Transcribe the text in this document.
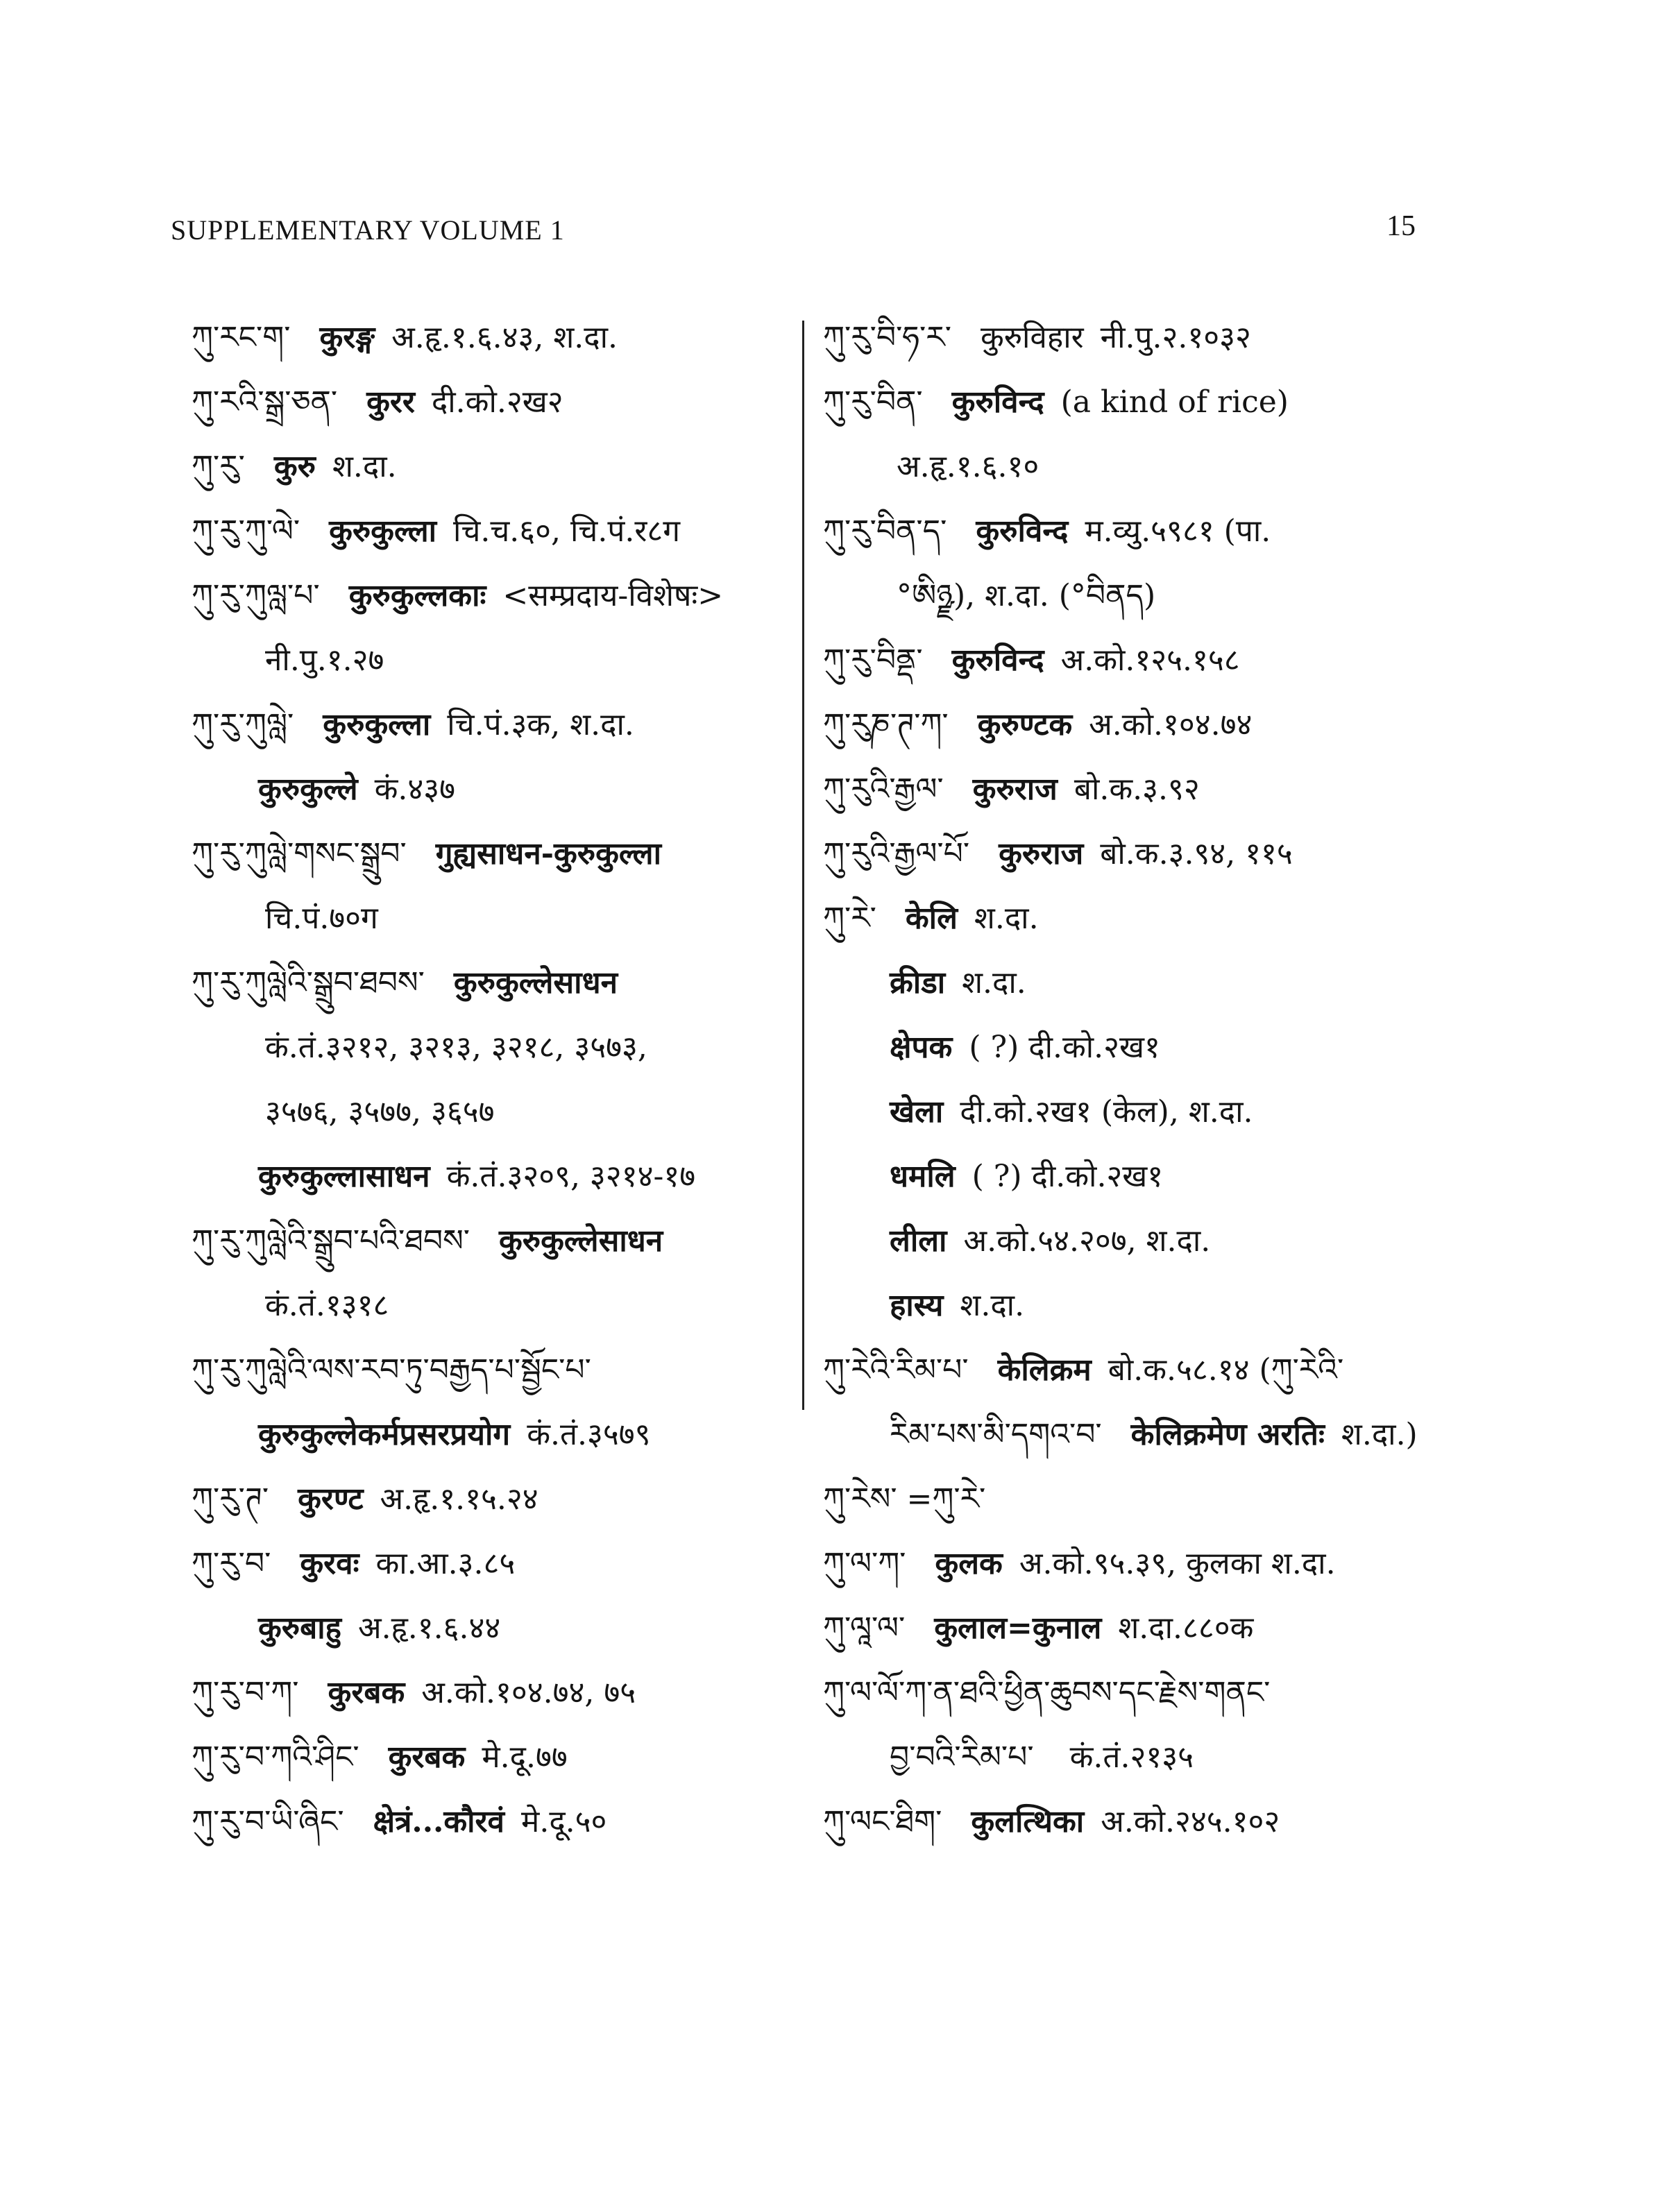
SUPPLEMENTARY VOLUME 1	15
ཀུ་རང་ག་ कुरङ्ग अ.हृ.१.६.४३, श.दा.
ཀུ་རའི་སྒྲ་ཅན་ कुरर दी.को.२ख२
ཀུ་རུ་ कुरु श.दा.
ཀུ་རུ་ཀུ་ལེ་ कुरुकुल्ला चि.च.६०, चि.पं.र८ग
ཀུ་རུ་ཀུལླ་པ་ कुरुकुल्लकाः <सम्प्रदाय-विशेषः>
नी.पु.१.२७
ཀུ་རུ་ཀུལླེ་ कुरुकुल्ला चि.पं.३क, श.दा.
कुरुकुल्ले कं.४३७
ཀུ་རུ་ཀུལླེ་གསང་སྒྲུབ་ गुह्यसाधन-कुरुकुल्ला
चि.पं.७०ग
ཀུ་རུ་ཀུལླེའི་སྒྲུབ་ཐབས་ कुरुकुल्लेसाधन
कं.तं.३२१२, ३२१३, ३२१८, ३५७३,
३५७६, ३५७७, ३६५७
कुरुकुल्लासाधन कं.तं.३२०९, ३२१४-१७
ཀུ་རུ་ཀུལླེའི་སྒྲུབ་པའི་ཐབས་ कुरुकुल्लेसाधन
कं.तं.१३१८
ཀུ་རུ་ཀུལླེའི་ལས་རབ་ཏུ་བརྒྱད་པ་སྦྱོང་པ་
कुरुकुल्लेकर्मप्रसरप्रयोग कं.तं.३५७९
ཀུ་རུ་ཊ་ कुरण्ट अ.हृ.१.१५.२४
ཀུ་རུ་བ་ कुरवः का.आ.३.८५
कुरुबाहु अ.हृ.१.६.४४
ཀུ་རུ་བ་ཀ་ कुरबक अ.को.१०४.७४, ७५
ཀུ་རུ་བ་ཀའི་ཤིང་ कुरबक मे.दू.७७
ཀུ་རུ་བ་ཡི་ཞིང་ क्षेत्रं...कौरवं मे.दू.५०
ཀུ་རུ་བི་ཧ་ར་ कुरुविहार नी.पु.२.१०३२
ཀུ་རུ་བིན་ कुरुविन्द (a kind of rice)
अ.हृ.१.६.१०
ཀུ་རུ་བིན་ད་ कुरुविन्द म.व्यु.५९८१ (पा.
°ཨིཉྫ), श.दा. (°བིནད)
ཀུ་རུ་བིནྡ་ कुरुविन्द अ.को.१२५.१५८
ཀུ་རུཎ་ཊ་ཀ་ कुरुण्टक अ.को.१०४.७४
ཀུ་རུའི་རྒྱལ་ कुरुराज बो.क.३.९२
ཀུ་རུའི་རྒྱལ་པོ་ कुरुराज बो.क.३.९४, ११५
ཀུ་རེ་ केलि श.दा.
क्रीडा श.दा.
क्षेपक ( ?) दी.को.२ख१
खेला दी.को.२ख१ (केल), श.दा.
धमलि ( ?) दी.को.२ख१
लीला अ.को.५४.२०७, श.दा.
हास्य श.दा.
ཀུ་རེའི་རིམ་པ་ केलिक्रम बो.क.५८.१४ (ཀུ་རེའི་
རིམ་པས་མི་དགའ་བ་ केलिक्रमेण अरतिः श.दा.)
ཀུ་རེས་ =ཀུ་རེ་
ཀུ་ལ་ཀ་ कुलक अ.को.९५.३९, कुलका श.दा.
ཀུ་ལཱ་ལ་ कुलाल=कुनाल श.दा.८८०क
ཀུ་ལ་ལོ་ཀ་ན་ཐའི་ཕྱིན་ཆུབས་དང་རྗེས་གནང་
བྱ་བའི་རིམ་པ་ कं.तं.२१३५
ཀུ་ལང་ཐིག་ कुलत्थिका अ.को.२४५.१०२
